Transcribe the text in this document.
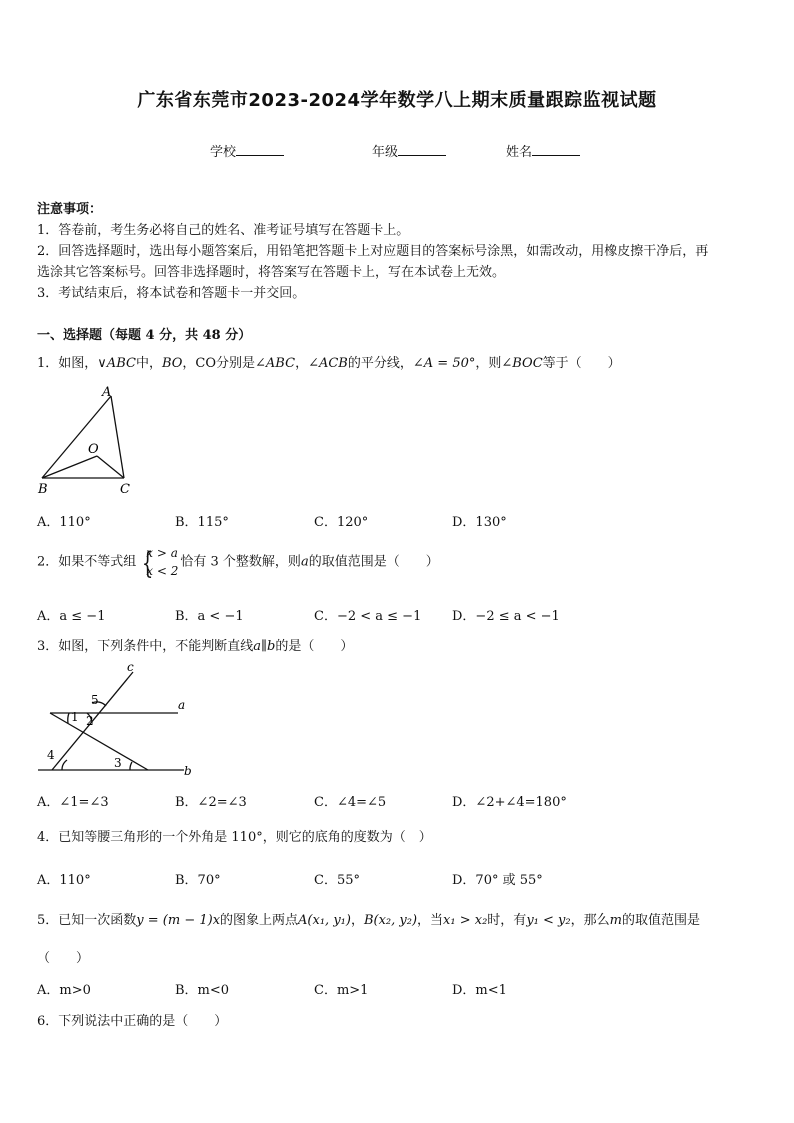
广东省东莞市2023-2024学年数学八上期末质量跟踪监视试题
学校	年级	姓名
注意事项：
1．答卷前，考生务必将自己的姓名、准考证号填写在答题卡上。
2．回答选择题时，选出每小题答案后，用铅笔把答题卡上对应题目的答案标号涂黑，如需改动，用橡皮擦干净后，再
选涂其它答案标号。回答非选择题时，将答案写在答题卡上，写在本试卷上无效。
3．考试结束后，将本试卷和答题卡一并交回。
一、选择题（每题 4 分，共 48 分）
1．如图，∨ABC中，BO，CO分别是∠ABC，∠ACB的平分线，∠A = 50°，则∠BOC等于（　　）
A
O
B	C
A．110°	B．115°	C．120°	D．130°
2．如果不等式组 {
x > a
x < 2
恰有 3 个整数解，则a的取值范围是（　　）
A．a ≤ −1	B．a < −1	C．−2 < a ≤ −1 D．−2 ≤ a < −1
3．如图，下列条件中，不能判断直线a∥b的是（　　）
c
a
b
1 2
3
4
5
A．∠1=∠3	B．∠2=∠3	C．∠4=∠5	D．∠2+∠4=180°
4．已知等腰三角形的一个外角是 110°，则它的底角的度数为（　）
A．110°	B．70°	C．55°	D．70° 或 55°
5．已知一次函数y = (m − 1)x的图象上两点A(x₁, y₁)，B(x₂, y₂)，当x₁ > x₂时，有y₁ < y₂，那么m的取值范围是
（　　）
A．m>0	B．m<0	C．m>1	D．m<1
6．下列说法中正确的是（　　）
